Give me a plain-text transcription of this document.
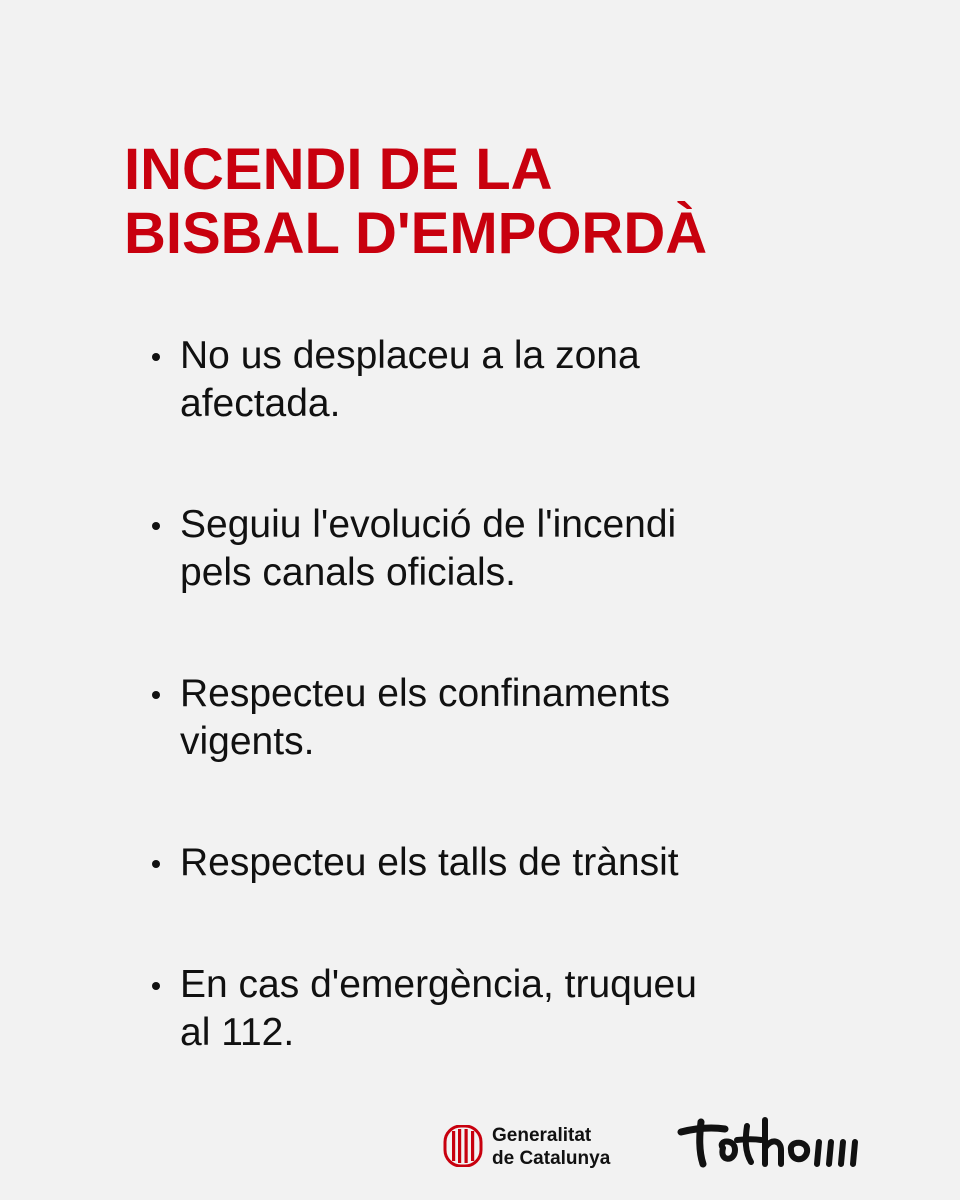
INCENDI DE LA
BISBAL D'EMPORDÀ
No us desplaceu a la zona
afectada.
Seguiu l'evolució de l'incendi
pels canals oficials.
Respecteu els confinaments
vigents.
Respecteu els talls de trànsit
En cas d'emergència, truqueu
al 112.
Generalitat
de Catalunya
